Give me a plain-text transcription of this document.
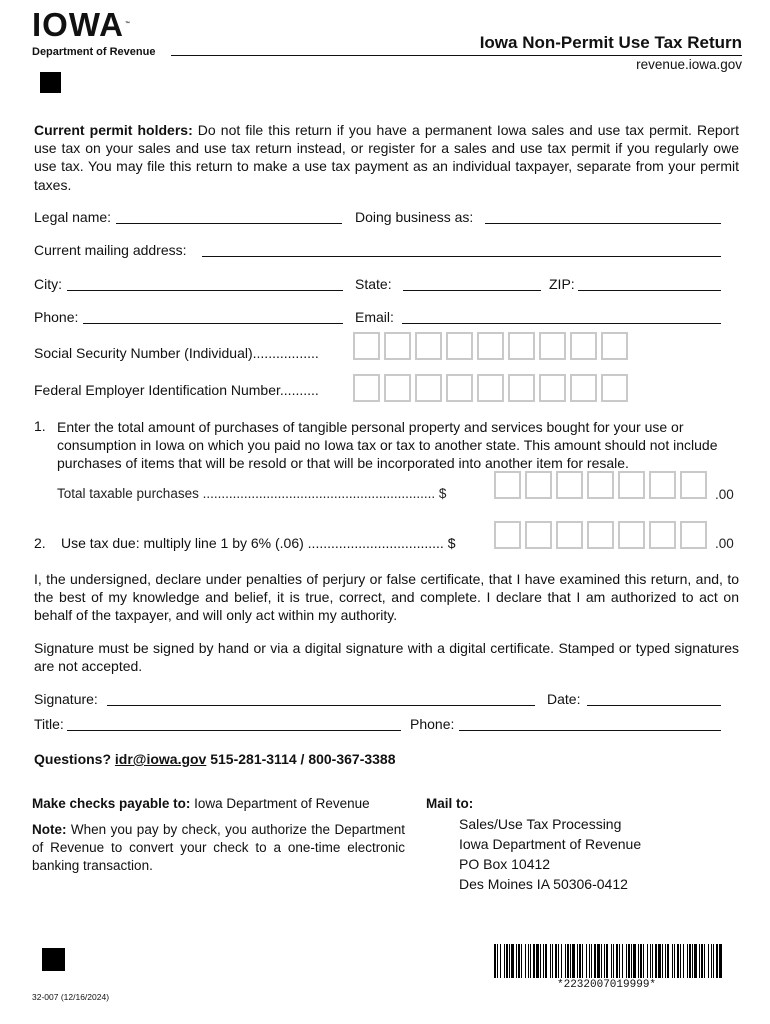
IOWA™
Department of Revenue	Iowa Non-Permit Use Tax Return
revenue.iowa.gov
Current permit holders: Do not file this return if you have a permanent Iowa sales and use tax permit. Report use tax on your sales and use tax return instead, or register for a sales and use tax permit if you regularly owe use tax. You may file this return to make a use tax payment as an individual taxpayer, separate from your permit taxes.
Legal name:	Doing business as:
Current mailing address:
City:	State:	ZIP:
Phone:	Email:
Social Security Number (Individual).................
Federal Employer Identification Number..........
1. Enter the total amount of purchases of tangible personal property and services bought for your use or consumption in Iowa on which you paid no Iowa tax or tax to another state. This amount should not include purchases of items that will be resold or that will be incorporated into another item for resale.
Total taxable purchases .............................................................. $	.00
2. Use tax due: multiply line 1 by 6% (.06) ................................... $	.00
I, the undersigned, declare under penalties of perjury or false certificate, that I have examined this return, and, to the best of my knowledge and belief, it is true, correct, and complete. I declare that I am authorized to act on behalf of the taxpayer, and will only act within my authority.
Signature must be signed by hand or via a digital signature with a digital certificate. Stamped or typed signatures are not accepted.
Signature:	Date:
Title:	Phone:
Questions? idr@iowa.gov 515-281-3114 / 800-367-3388
Make checks payable to: Iowa Department of Revenue
Note: When you pay by check, you authorize the Department of Revenue to convert your check to a one-time electronic banking transaction.
Mail to:
Sales/Use Tax Processing
Iowa Department of Revenue
PO Box 10412
Des Moines IA 50306-0412
*2232007019999*
32-007 (12/16/2024)
